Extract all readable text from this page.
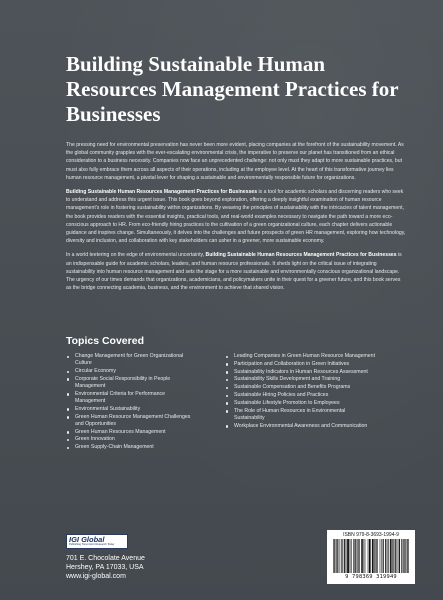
Building Sustainable Human Resources Management Practices for Businesses

The pressing need for environmental preservation has never been more evident, placing companies at the forefront of the sustainability movement. As the global community grapples with the ever-escalating environmental crisis, the imperative to preserve our planet has transitioned from an ethical consideration to a business necessity. Companies now face an unprecedented challenge: not only must they adapt to more sustainable practices, but must also fully embrace them across all aspects of their operations, including at the employee level. At the heart of this transformative journey lies human resource management, a pivotal lever for shaping a sustainable and environmentally responsible future for organizations.

Building Sustainable Human Resources Management Practices for Businesses is a tool for academic scholars and discerning readers who seek to understand and address this urgent issue. This book goes beyond exploration, offering a deeply insightful examination of human resource management's role in fostering sustainability within organizations. By weaving the principles of sustainability with the intricacies of talent management, the book provides readers with the essential insights, practical tools, and real-world examples necessary to navigate the path toward a more eco-conscious approach to HR. From eco-friendly hiring practices to the cultivation of a green organizational culture, each chapter delivers actionable guidance and inspires change. Simultaneously, it delves into the challenges and future prospects of green HR management, exploring how technology, diversity and inclusion, and collaboration with key stakeholders can usher in a greener, more sustainable economy.

In a world teetering on the edge of environmental uncertainty, Building Sustainable Human Resources Management Practices for Businesses is an indispensable guide for academic scholars, leaders, and human resource professionals. It sheds light on the critical issue of integrating sustainability into human resource management and sets the stage for a more sustainable and environmentally conscious organizational landscape. The urgency of our times demands that organizations, academicians, and policymakers unite in their quest for a greener future, and this book serves as the bridge connecting academia, business, and the environment to achieve that shared vision.

Topics Covered
Change Management for Green Organizational Culture
Circular Economy
Corporate Social Responsibility in People Management
Environmental Criteria for Performance Management
Environmental Sustainability
Green Human Resource Management Challenges and Opportunities
Green Human Resources Management
Green Innovation
Green Supply-Chain Management
Leading Companies in Green Human Resource Management
Participation and Collaboration in Green Initiatives
Sustainability Indicators in Human Resources Assessment
Sustainability Skills Development and Training
Sustainable Compensation and Benefits Programs
Sustainable Hiring Policies and Practices
Sustainable Lifestyle Promotion to Employees
The Role of Human Resources in Environmental Sustainability
Workplace Environmental Awareness and Communication
IGI Global
Publishing Tomorrow's Research Today
701 E. Chocolate Avenue
Hershey, PA 17033, USA
www.igi-global.com
ISBN 979-8-3693-1994-9
9 798369 319949
